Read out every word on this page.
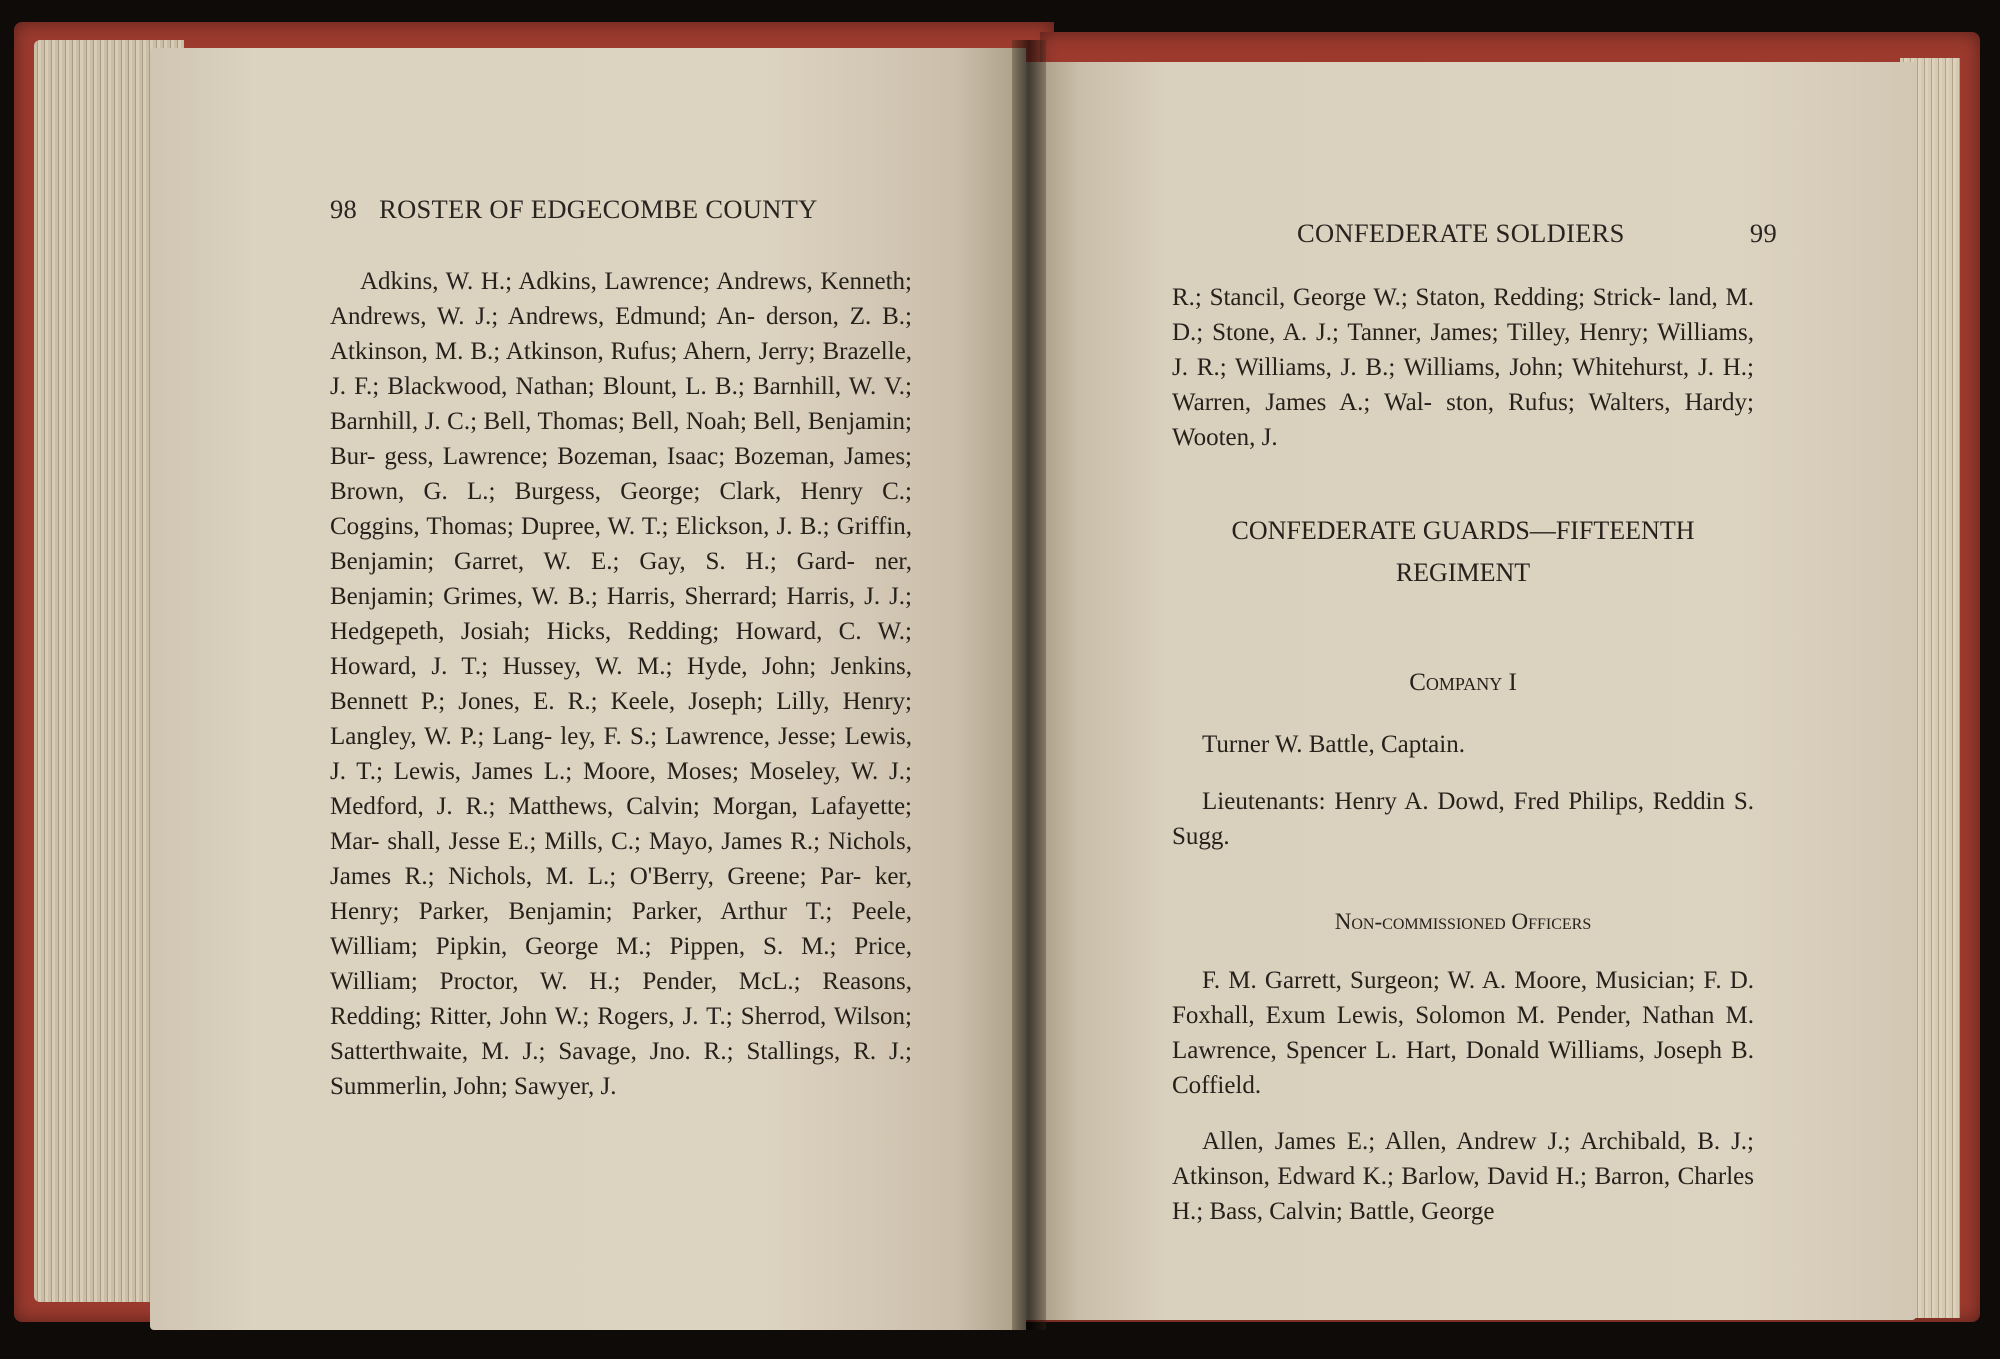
98 ROSTER OF EDGECOMBE COUNTY

Adkins, W. H.; Adkins, Lawrence; Andrews, Kenneth; Andrews, W. J.; Andrews, Edmund; An- derson, Z. B.; Atkinson, M. B.; Atkinson, Rufus; Ahern, Jerry; Brazelle, J. F.; Blackwood, Nathan; Blount, L. B.; Barnhill, W. V.; Barnhill, J. C.; Bell, Thomas; Bell, Noah; Bell, Benjamin; Bur- gess, Lawrence; Bozeman, Isaac; Bozeman, James; Brown, G. L.; Burgess, George; Clark, Henry C.; Coggins, Thomas; Dupree, W. T.; Elickson, J. B.; Griffin, Benjamin; Garret, W. E.; Gay, S. H.; Gard- ner, Benjamin; Grimes, W. B.; Harris, Sherrard; Harris, J. J.; Hedgepeth, Josiah; Hicks, Redding; Howard, C. W.; Howard, J. T.; Hussey, W. M.; Hyde, John; Jenkins, Bennett P.; Jones, E. R.; Keele, Joseph; Lilly, Henry; Langley, W. P.; Lang- ley, F. S.; Lawrence, Jesse; Lewis, J. T.; Lewis, James L.; Moore, Moses; Moseley, W. J.; Medford, J. R.; Matthews, Calvin; Morgan, Lafayette; Mar- shall, Jesse E.; Mills, C.; Mayo, James R.; Nichols, James R.; Nichols, M. L.; O'Berry, Greene; Par- ker, Henry; Parker, Benjamin; Parker, Arthur T.; Peele, William; Pipkin, George M.; Pippen, S. M.; Price, William; Proctor, W. H.; Pender, McL.; Reasons, Redding; Ritter, John W.; Rogers, J. T.; Sherrod, Wilson; Satterthwaite, M. J.; Savage, Jno. R.; Stallings, R. J.; Summerlin, John; Sawyer, J.

CONFEDERATE SOLDIERS	99

R.; Stancil, George W.; Staton, Redding; Strick- land, M. D.; Stone, A. J.; Tanner, James; Tilley, Henry; Williams, J. R.; Williams, J. B.; Williams, John; Whitehurst, J. H.; Warren, James A.; Wal- ston, Rufus; Walters, Hardy; Wooten, J.

CONFEDERATE GUARDS—FIFTEENTH
REGIMENT
Company I

Turner W. Battle, Captain.

Lieutenants: Henry A. Dowd, Fred Philips, Reddin S. Sugg.

Non-commissioned Officers

F. M. Garrett, Surgeon; W. A. Moore, Musician; F. D. Foxhall, Exum Lewis, Solomon M. Pender, Nathan M. Lawrence, Spencer L. Hart, Donald Williams, Joseph B. Coffield.

Allen, James E.; Allen, Andrew J.; Archibald, B. J.; Atkinson, Edward K.; Barlow, David H.; Barron, Charles H.; Bass, Calvin; Battle, George
